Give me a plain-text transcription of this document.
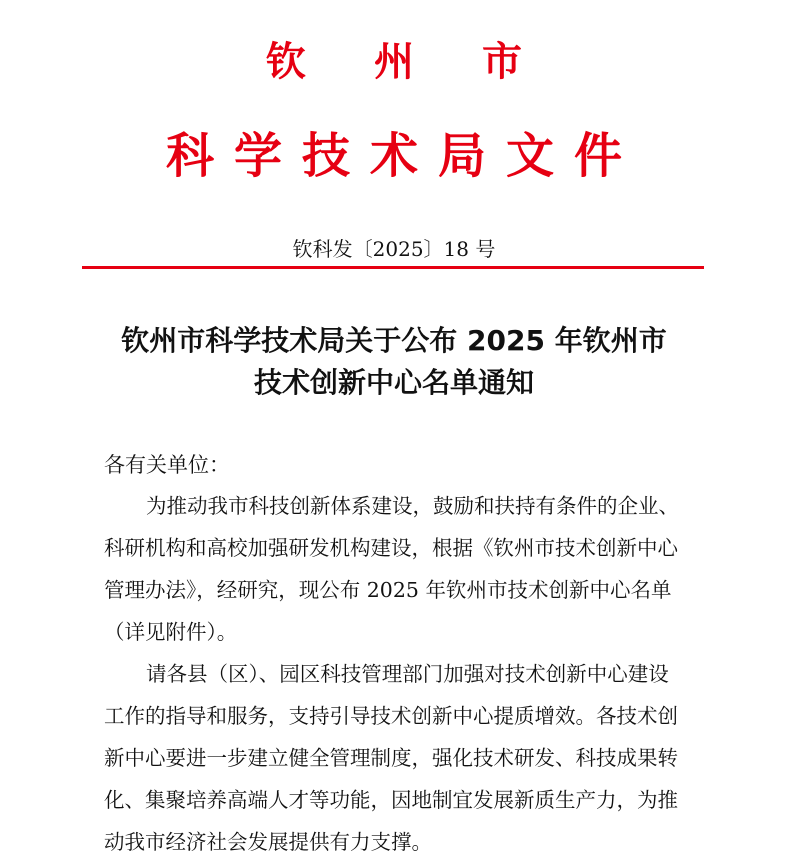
钦 州 市
科 学 技 术 局 文 件
钦科发〔2025〕18 号
钦州市科学技术局关于公布 2025 年钦州市
技术创新中心名单通知
各有关单位：
为推动我市科技创新体系建设，鼓励和扶持有条件的企业、
科研机构和高校加强研发机构建设，根据《钦州市技术创新中心
管理办法》，经研究，现公布 2025 年钦州市技术创新中心名单
（详见附件）。
请各县（区）、园区科技管理部门加强对技术创新中心建设
工作的指导和服务，支持引导技术创新中心提质增效。各技术创
新中心要进一步建立健全管理制度，强化技术研发、科技成果转
化、集聚培养高端人才等功能，因地制宜发展新质生产力，为推
动我市经济社会发展提供有力支撑。
